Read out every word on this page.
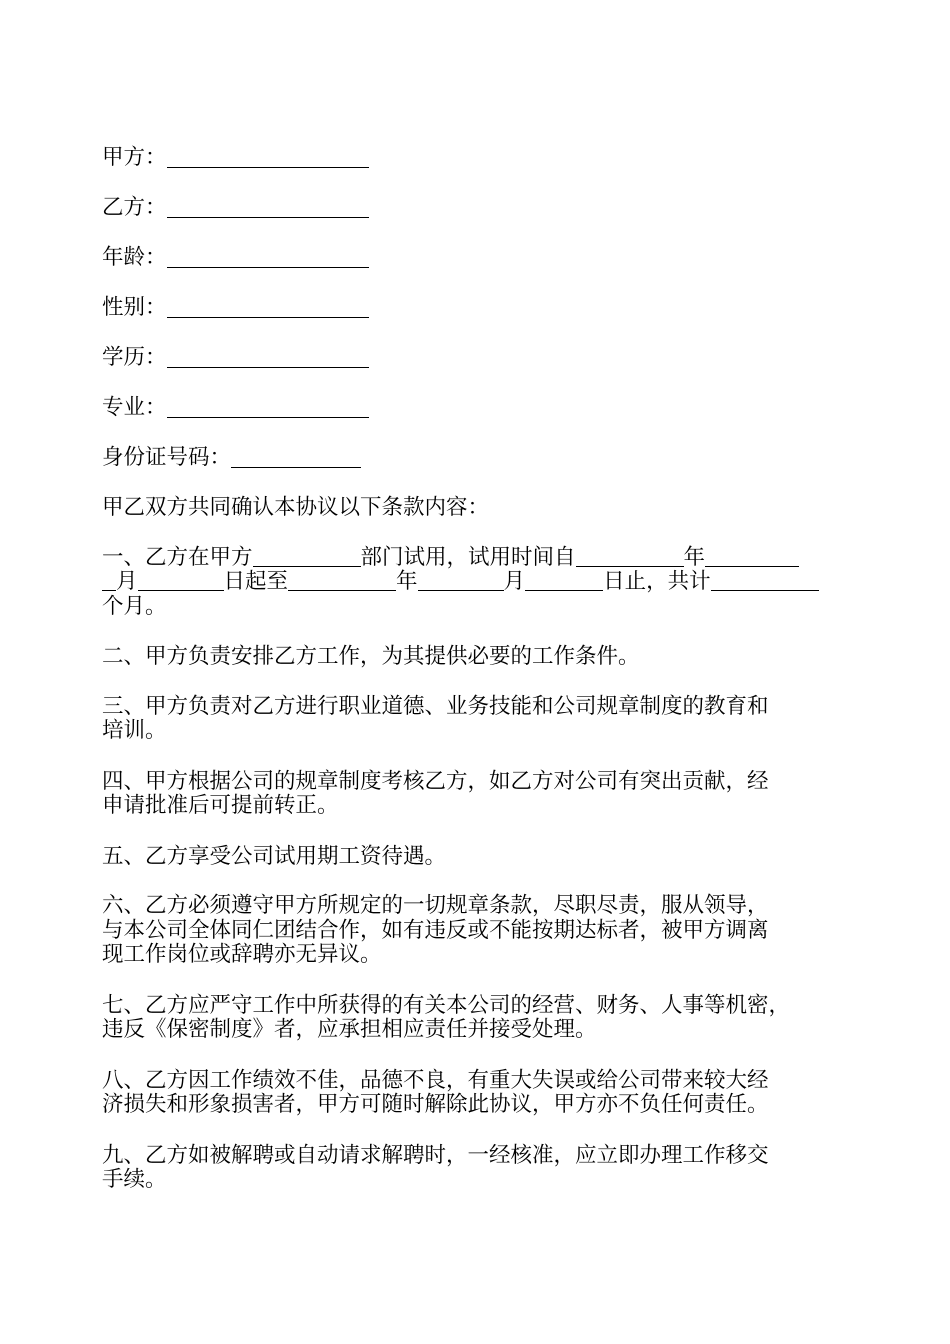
甲方：
乙方：
年龄：
性别：
学历：
专业：
身份证号码：

甲乙双方共同确认本协议以下条款内容：

一、乙方在甲方	部门试用，试用时间自	年
月	日起至	年	月	日止，共计
个月。

二、甲方负责安排乙方工作，为其提供必要的工作条件。

三、甲方负责对乙方进行职业道德、业务技能和公司规章制度的教育和
培训。

四、甲方根据公司的规章制度考核乙方，如乙方对公司有突出贡献，经
申请批准后可提前转正。

五、乙方享受公司试用期工资待遇。

六、乙方必须遵守甲方所规定的一切规章条款，尽职尽责，服从领导，
与本公司全体同仁团结合作，如有违反或不能按期达标者，被甲方调离
现工作岗位或辞聘亦无异议。

七、乙方应严守工作中所获得的有关本公司的经营、财务、人事等机密，
违反《保密制度》者，应承担相应责任并接受处理。

八、乙方因工作绩效不佳，品德不良，有重大失误或给公司带来较大经
济损失和形象损害者，甲方可随时解除此协议，甲方亦不负任何责任。

九、乙方如被解聘或自动请求解聘时，一经核准，应立即办理工作移交
手续。
